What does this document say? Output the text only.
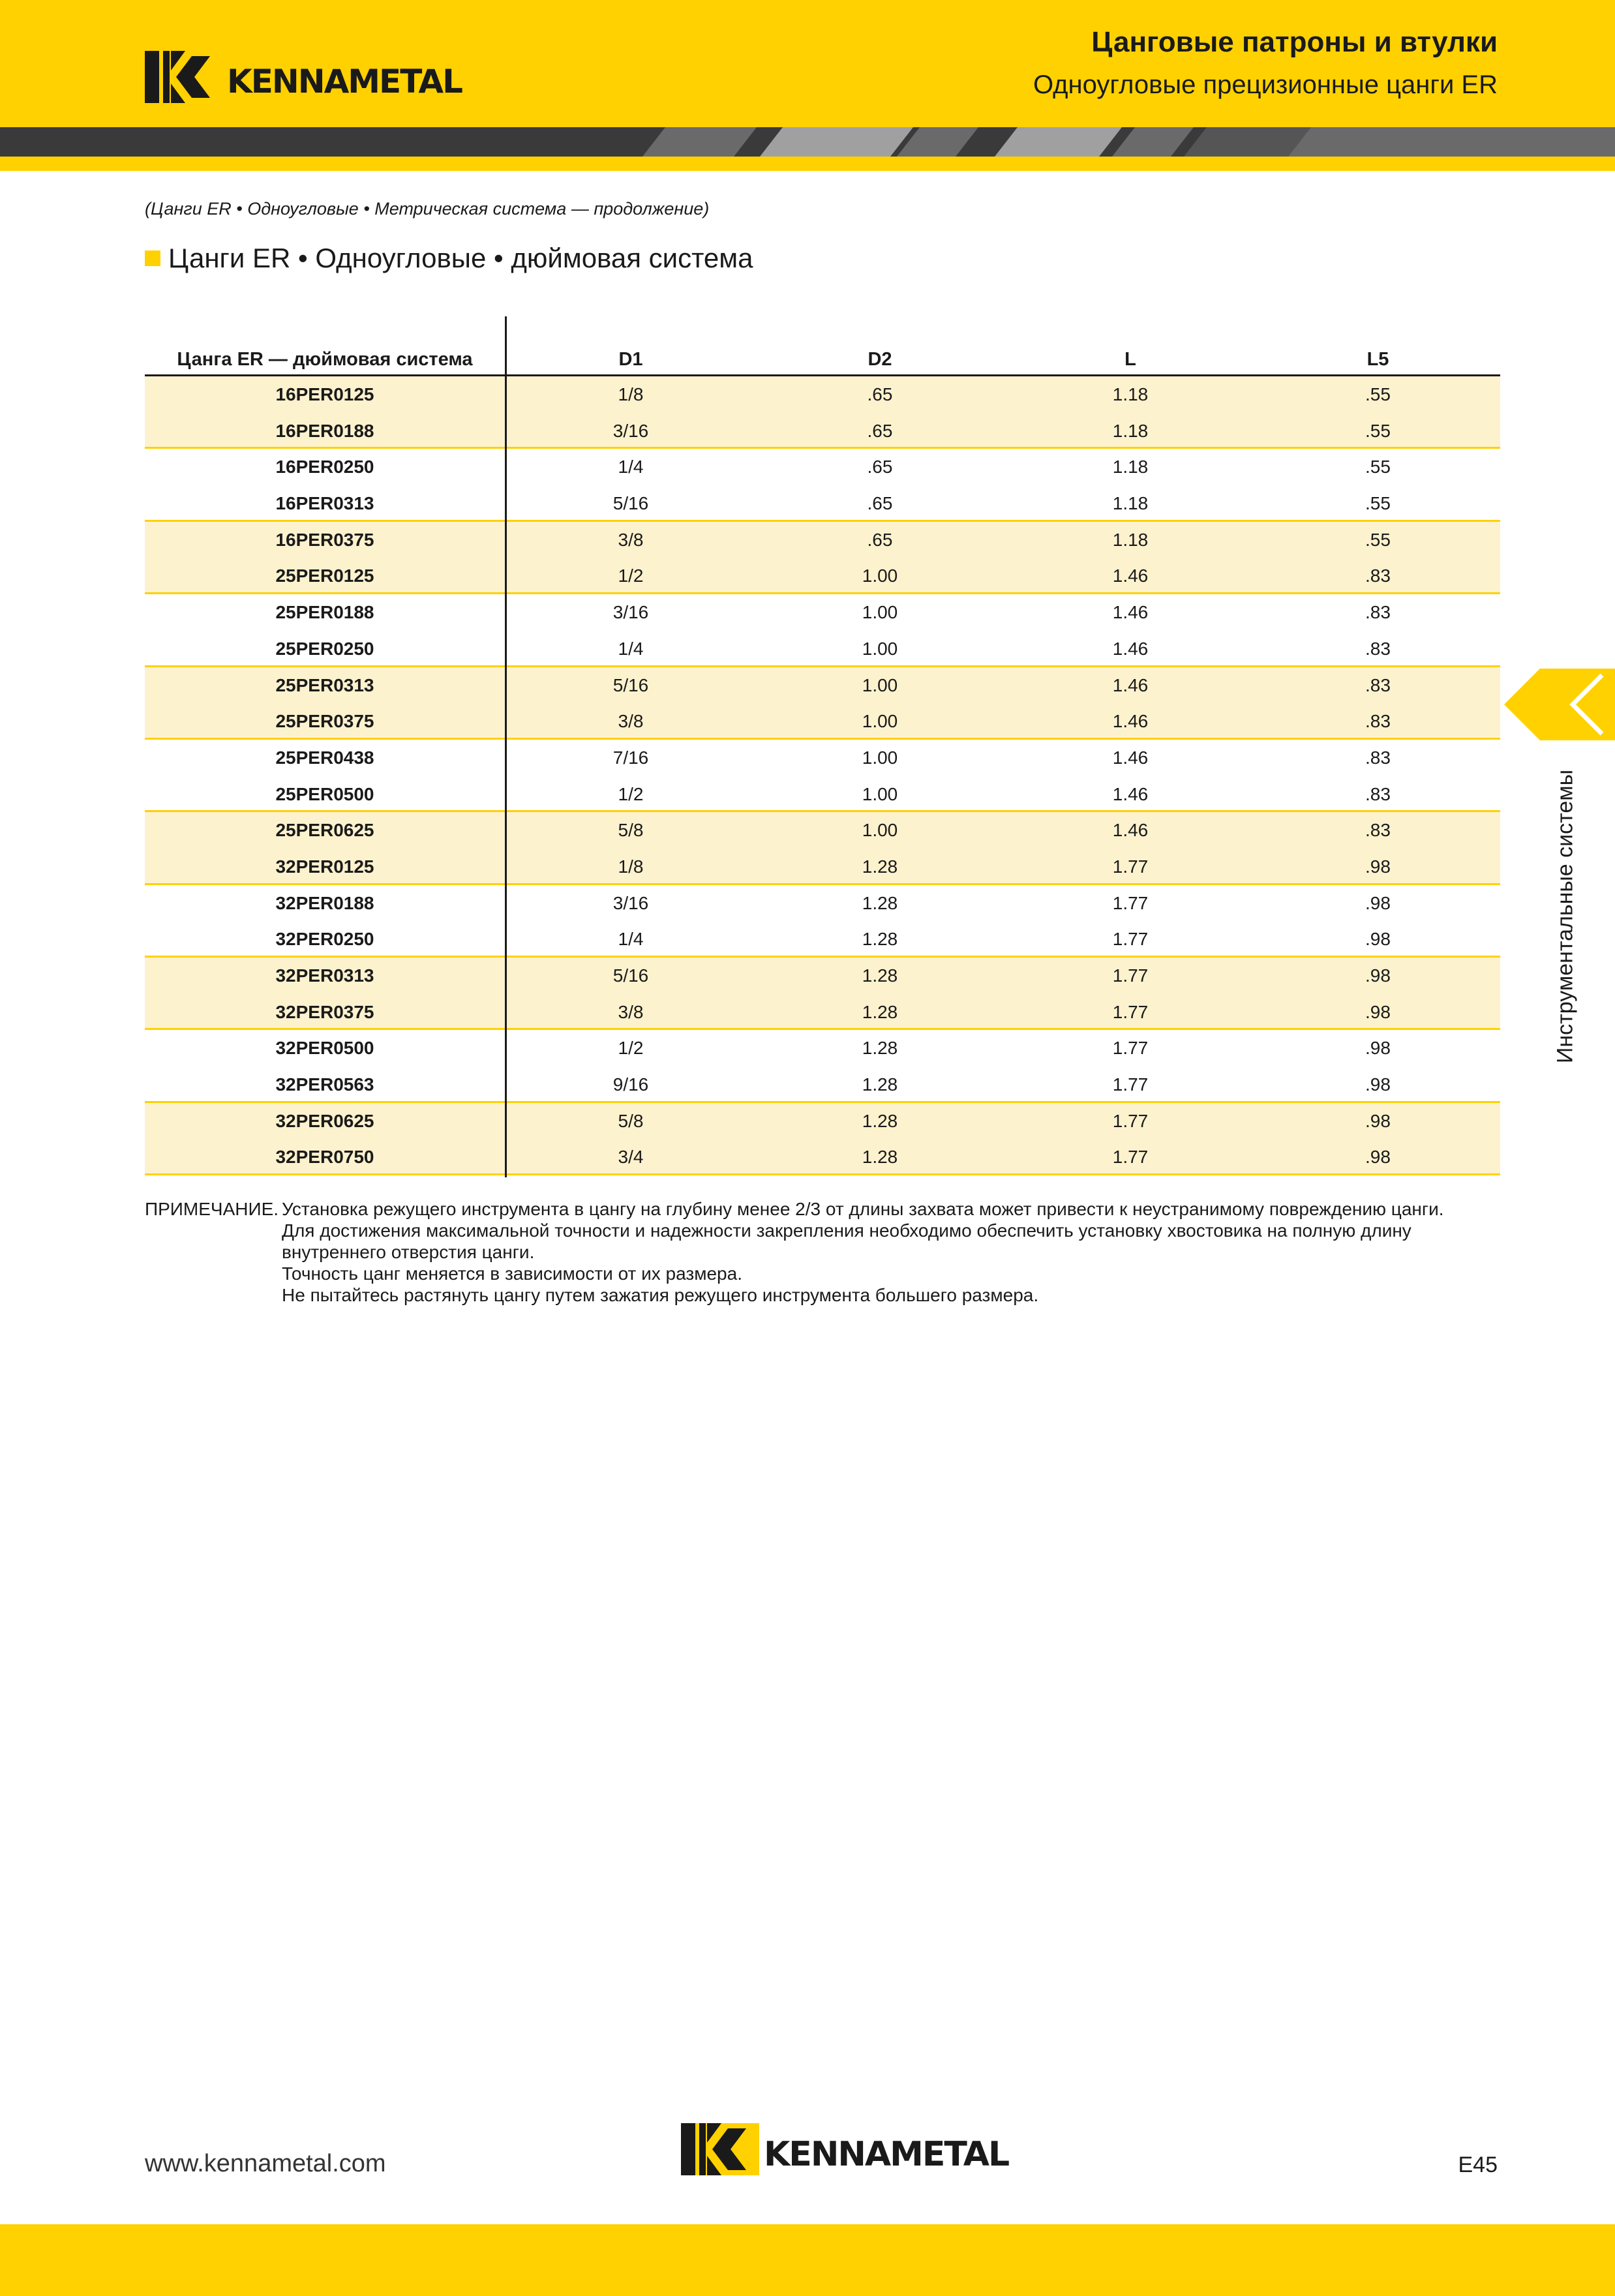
KENNAMETAL
Цанговые патроны и втулки
Одноугловые прецизионные цанги ER
(Цанги ER • Одноугловые • Метрическая система — продолжение)
Цанги ER • Одноугловые • дюймовая система
Цанга ER — дюймовая система	D1	D2	L	L5
16PER0125	1/8	.65	1.18	.55
16PER0188	3/16	.65	1.18	.55
16PER0250	1/4	.65	1.18	.55
16PER0313	5/16	.65	1.18	.55
16PER0375	3/8	.65	1.18	.55
25PER0125	1/2	1.00	1.46	.83
25PER0188	3/16	1.00	1.46	.83
25PER0250	1/4	1.00	1.46	.83
25PER0313	5/16	1.00	1.46	.83
25PER0375	3/8	1.00	1.46	.83
25PER0438	7/16	1.00	1.46	.83
25PER0500	1/2	1.00	1.46	.83
25PER0625	5/8	1.00	1.46	.83
32PER0125	1/8	1.28	1.77	.98
32PER0188	3/16	1.28	1.77	.98
32PER0250	1/4	1.28	1.77	.98
32PER0313	5/16	1.28	1.77	.98
32PER0375	3/8	1.28	1.77	.98
32PER0500	1/2	1.28	1.77	.98
32PER0563	9/16	1.28	1.77	.98
32PER0625	5/8	1.28	1.77	.98
32PER0750	3/4	1.28	1.77	.98
ПРИМЕЧАНИЕ. Установка режущего инструмента в цангу на глубину менее 2/3 от длины захвата может привести к неустранимому повреждению цанги.
Для достижения максимальной точности и надежности закрепления необходимо обеспечить установку хвостовика на полную длину
внутреннего отверстия цанги.
Точность цанг меняется в зависимости от их размера.
Не пытайтесь растянуть цангу путем зажатия режущего инструмента большего размера.
Инструментальные системы
www.kennametal.com	KENNAMETAL	E45
